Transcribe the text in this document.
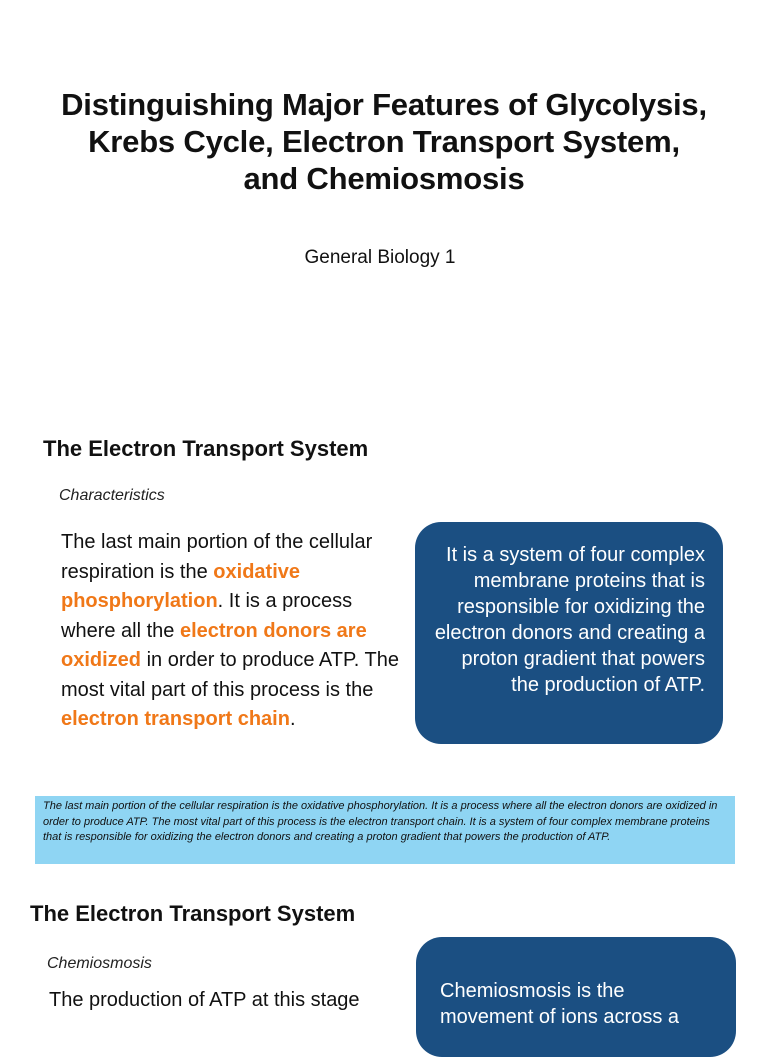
Distinguishing Major Features of Glycolysis, Krebs Cycle, Electron Transport System, and Chemiosmosis
General Biology 1
The Electron Transport System
Characteristics
The last main portion of the cellular respiration is the oxidative phosphorylation. It is a process where all the electron donors are oxidized in order to produce ATP. The most vital part of this process is the electron transport chain.
It is a system of four complex membrane proteins that is responsible for oxidizing the electron donors and creating a proton gradient that powers the production of ATP.
The last main portion of the cellular respiration is the oxidative phosphorylation. It is a process where all the electron donors are oxidized in order to produce ATP. The most vital part of this process is the electron transport chain. It is a system of four complex membrane proteins that is responsible for oxidizing the electron donors and creating a proton gradient that powers the production of ATP.
The Electron Transport System
Chemiosmosis
The production of ATP at this stage	Chemiosmosis is the movement of ions across a
